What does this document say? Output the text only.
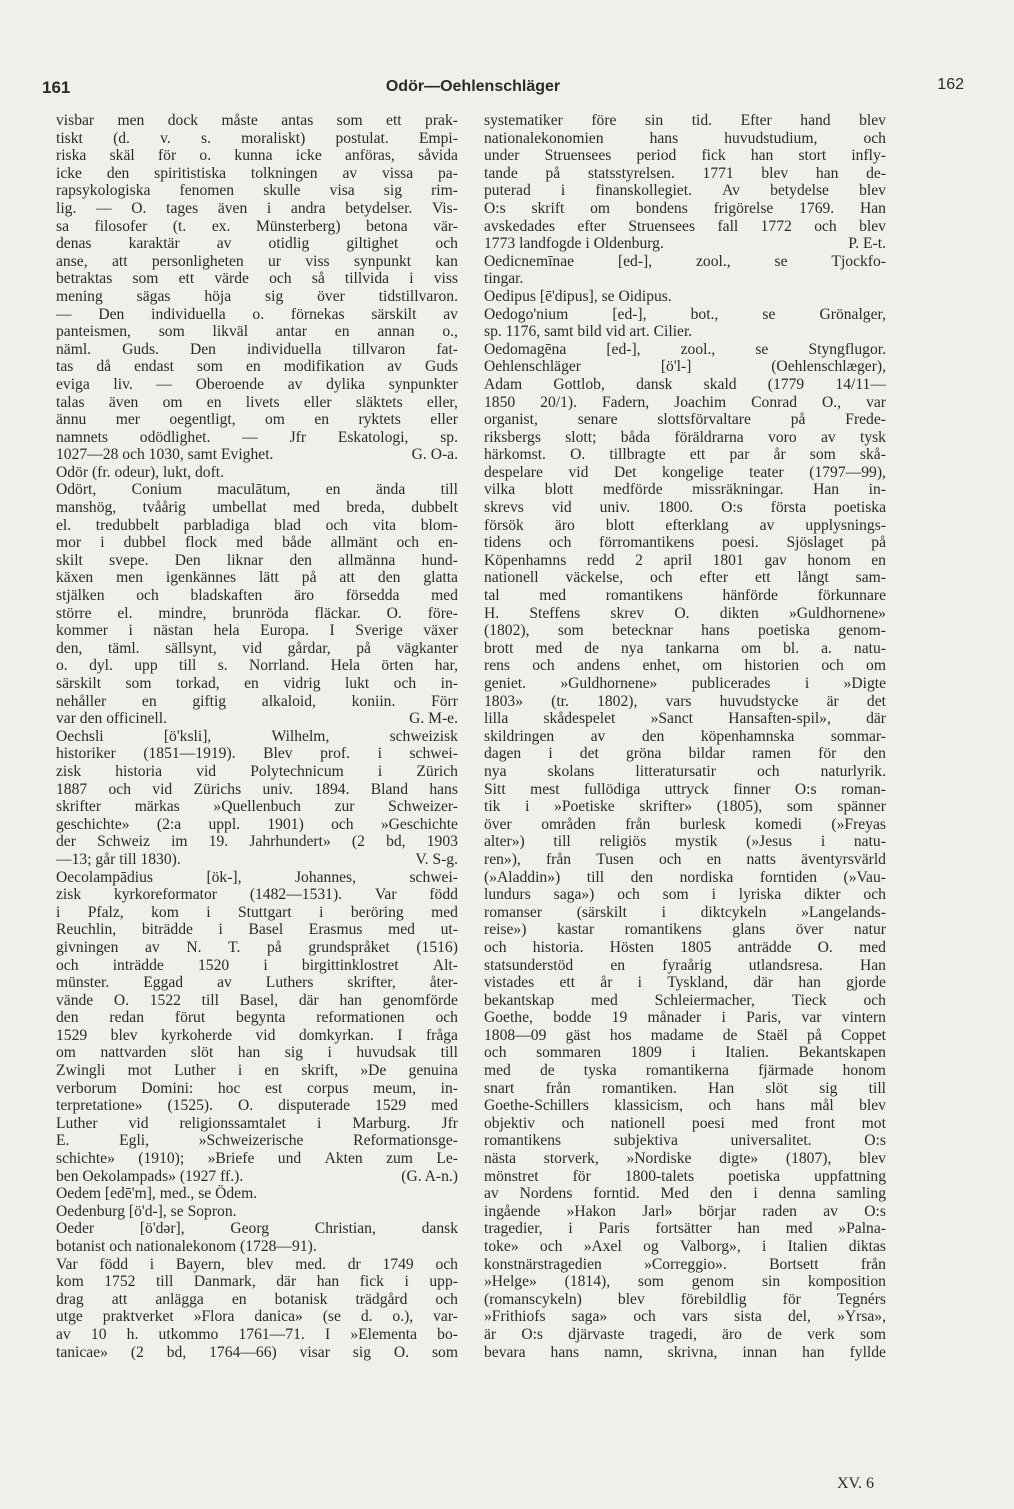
161	Odör—Oehlenschläger	162
visbar men dock måste antas som ett prak-
tiskt (d. v. s. moraliskt) postulat. Empi-
riska skäl för o. kunna icke anföras, såvida
icke den spiritistiska tolkningen av vissa pa-
rapsykologiska fenomen skulle visa sig rim-
lig. — O. tages även i andra betydelser. Vis-
sa filosofer (t. ex. Münsterberg) betona vär-
denas karaktär av otidlig giltighet och
anse, att personligheten ur viss synpunkt kan
betraktas som ett värde och så tillvida i viss
mening sägas höja sig över tidstillvaron.
— Den individuella o. förnekas särskilt av
panteismen, som likväl antar en annan o.,
näml. Guds. Den individuella tillvaron fat-
tas då endast som en modifikation av Guds
eviga liv. — Oberoende av dylika synpunkter
talas även om en livets eller släktets eller,
ännu mer oegentligt, om en ryktets eller
namnets odödlighet. — Jfr Eskatologi, sp.
1027—28 och 1030, samt Evighet.	G. O-a.
Odör (fr. odeur), lukt, doft.
Odört, Conium maculātum, en ända till
manshög, tvåårig umbellat med breda, dubbelt
el. tredubbelt parbladiga blad och vita blom-
mor i dubbel flock med både allmänt och en-
skilt svepe. Den liknar den allmänna hund-
käxen men igenkännes lätt på att den glatta
stjälken och bladskaften äro försedda med
större el. mindre, brunröda fläckar. O. före-
kommer i nästan hela Europa. I Sverige växer
den, täml. sällsynt, vid gårdar, på vägkanter
o. dyl. upp till s. Norrland. Hela örten har,
särskilt som torkad, en vidrig lukt och in-
nehåller en giftig alkaloid, koniin. Förr
var den officinell.	G. M-e.
Oechsli	[ö'ksli],	Wilhelm,	schweizisk
historiker (1851—1919). Blev prof. i schwei-
zisk historia vid Polytechnicum i Zürich
1887 och vid Zürichs univ. 1894. Bland hans
skrifter märkas »Quellenbuch zur Schweizer-
geschichte» (2:a uppl. 1901) och »Geschichte
der Schweiz im 19. Jahrhundert» (2 bd, 1903
—13; går till 1830).	V. S-g.
Oecolampādius	[ök-],	Johannes,	schwei-
zisk kyrkoreformator (1482—1531). Var född
i Pfalz, kom i Stuttgart i beröring med
Reuchlin, biträdde i Basel Erasmus med ut-
givningen av N. T. på grundspråket (1516)
och inträdde 1520 i birgittinklostret Alt-
münster. Eggad av Luthers skrifter, åter-
vände O. 1522 till Basel, där han genomförde
den redan förut begynta reformationen och
1529 blev kyrkoherde vid domkyrkan. I fråga
om nattvarden slöt han sig i huvudsak till
Zwingli mot Luther i en skrift, »De genuina
verborum Domini: hoc est corpus meum, in-
terpretatione» (1525). O. disputerade 1529 med
Luther vid religionssamtalet i Marburg. Jfr
E.	Egli,	»Schweizerische	Reformationsge-
schichte» (1910); »Briefe und Akten zum Le-
ben Oekolampads» (1927 ff.).	(G. A-n.)
Oedem [edē'm], med., se Ödem.
Oedenburg [ö'd-], se Sopron.
Oeder	[ö'dər],	Georg	Christian,	dansk
botanist och nationalekonom (1728—91).
Var född i Bayern, blev med. dr 1749 och
kom 1752 till Danmark, där han fick i upp-
drag att anlägga en botanisk trädgård och
utge praktverket »Flora danica» (se d. o.), var-
av 10 h. utkommo 1761—71. I »Elementa bo-
tanicae» (2 bd, 1764—66) visar sig O. som
systematiker före sin tid. Efter hand blev
nationalekonomien	hans	huvudstudium,	och
under Struensees period fick han stort infly-
tande på statsstyrelsen. 1771 blev han de-
puterad i finanskollegiet. Av betydelse blev
O:s skrift om bondens frigörelse 1769. Han
avskedades efter Struensees fall 1772 och blev
1773 landfogde i Oldenburg.	P. E-t.
Oedicnemīnae	[ed-],	zool.,	se	Tjockfo-
tingar.
Oedipus [ē'dipus], se Oidipus.
Oedogo'nium	[ed-],	bot.,	se	Grönalger,
sp. 1176, samt bild vid art. Cilier.
Oedomagēna	[ed-],	zool.,	se	Styngflugor.
Oehlenschläger	[ö'l-]	(Oehlenschlæger),
Adam Gottlob, dansk skald (1779 14/11—
1850 20/1). Fadern, Joachim Conrad O., var
organist,	senare	slottsförvaltare	på	Frede-
riksbergs slott; båda föräldrarna voro av tysk
härkomst. O. tillbragte ett par år som skå-
despelare vid Det kongelige teater (1797—99),
vilka blott medförde missräkningar. Han in-
skrevs vid univ. 1800. O:s första poetiska
försök äro blott efterklang av upplysnings-
tidens och förromantikens poesi. Sjöslaget på
Köpenhamns redd 2 april 1801 gav honom en
nationell väckelse, och efter ett långt sam-
tal	med	romantikens	hänförde	förkunnare
H. Steffens skrev O. dikten »Guldhornene»
(1802), som betecknar hans poetiska genom-
brott med de nya tankarna om bl. a. natu-
rens och andens enhet, om historien och om
geniet. »Guldhornene» publicerades i »Digte
1803» (tr. 1802), vars huvudstycke är det
lilla skådespelet »Sanct Hansaften-spil», där
skildringen av den köpenhamnska sommar-
dagen i det gröna bildar ramen för den
nya	skolans	litteratursatir	och	naturlyrik.
Sitt mest fullödiga uttryck finner O:s roman-
tik i »Poetiske skrifter» (1805), som spänner
över områden från burlesk komedi (»Freyas
alter») till religiös mystik (»Jesus i natu-
ren»), från Tusen och en natts äventyrsvärld
(»Aladdin») till den nordiska forntiden (»Vau-
lundurs saga») och som i lyriska dikter och
romanser (särskilt i diktcykeln »Langelands-
reise») kastar romantikens glans över natur
och historia. Hösten 1805 anträdde O. med
statsunderstöd en fyraårig utlandsresa. Han
vistades ett år i Tyskland, där han gjorde
bekantskap med Schleiermacher, Tieck och
Goethe, bodde 19 månader i Paris, var vintern
1808—09 gäst hos madame de Staël på Coppet
och sommaren 1809 i Italien. Bekantskapen
med de tyska romantikerna fjärmade honom
snart från romantiken. Han slöt sig till
Goethe-Schillers klassicism, och hans mål blev
objektiv och nationell poesi med front mot
romantikens	subjektiva	universalitet.	O:s
nästa storverk, »Nordiske digte» (1807), blev
mönstret för 1800-talets poetiska uppfattning
av Nordens forntid. Med den i denna samling
ingående »Hakon Jarl» börjar raden av O:s
tragedier, i Paris fortsätter han med »Palna-
toke» och »Axel og Valborg», i Italien diktas
konstnärstragedien	»Correggio».	Bortsett	från
»Helge» (1814), som genom sin komposition
(romanscykeln) blev förebildlig för Tegnérs
»Frithiofs saga» och vars sista del, »Yrsa»,
är O:s djärvaste tragedi, äro de verk som
bevara hans namn, skrivna, innan han fyllde
XV. 6
